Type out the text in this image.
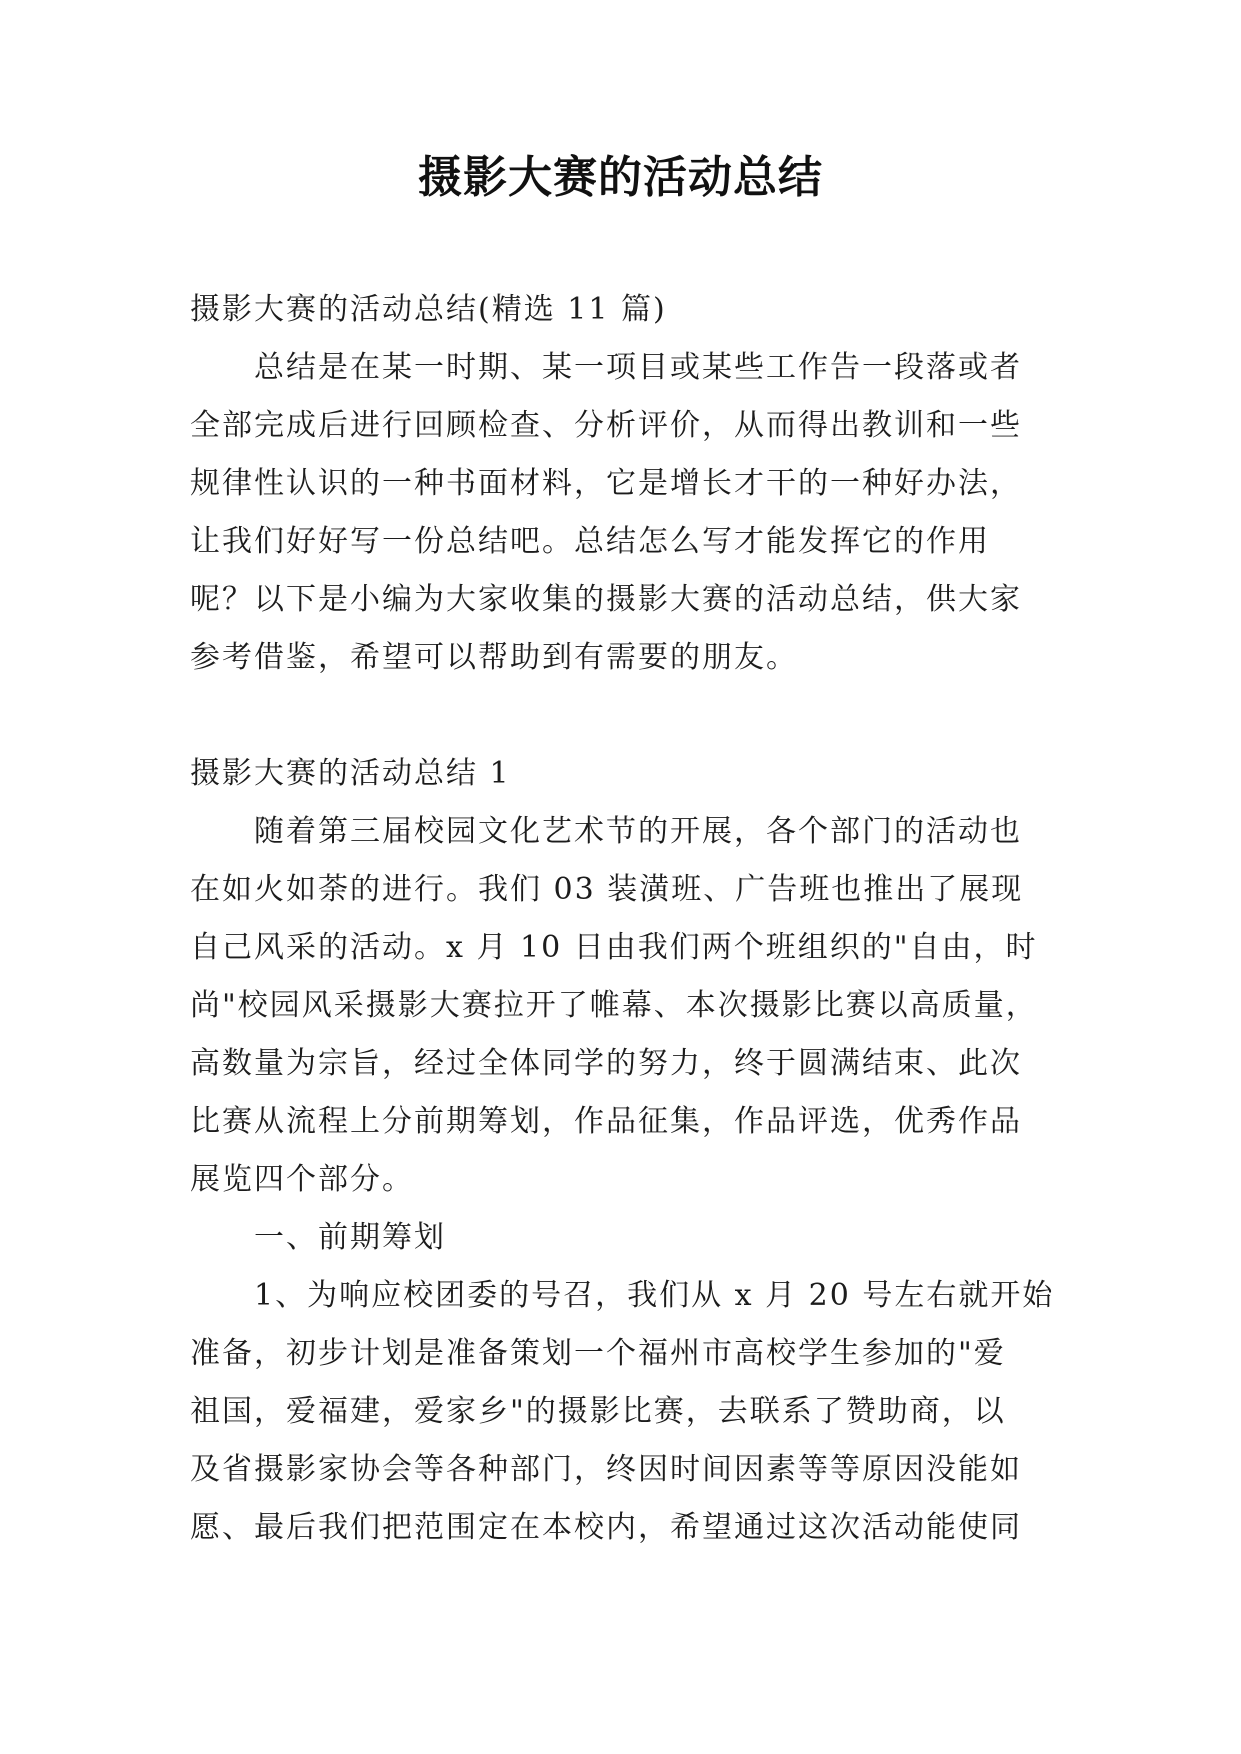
摄影大赛的活动总结

摄影大赛的活动总结(精选 11 篇)

总结是在某一时期、某一项目或某些工作告一段落或者

全部完成后进行回顾检查、分析评价，从而得出教训和一些

规律性认识的一种书面材料，它是增长才干的一种好办法，

让我们好好写一份总结吧。总结怎么写才能发挥它的作用

呢？以下是小编为大家收集的摄影大赛的活动总结，供大家

参考借鉴，希望可以帮助到有需要的朋友。

摄影大赛的活动总结 1

随着第三届校园文化艺术节的开展，各个部门的活动也

在如火如荼的进行。我们 03 装潢班、广告班也推出了展现

自己风采的活动。x 月 10 日由我们两个班组织的"自由，时

尚"校园风采摄影大赛拉开了帷幕、本次摄影比赛以高质量，

高数量为宗旨，经过全体同学的努力，终于圆满结束、此次

比赛从流程上分前期筹划，作品征集，作品评选，优秀作品

展览四个部分。

一、前期筹划

1、为响应校团委的号召，我们从 x 月 20 号左右就开始

准备，初步计划是准备策划一个福州市高校学生参加的"爱

祖国，爱福建，爱家乡"的摄影比赛，去联系了赞助商，以

及省摄影家协会等各种部门，终因时间因素等等原因没能如

愿、最后我们把范围定在本校内，希望通过这次活动能使同
